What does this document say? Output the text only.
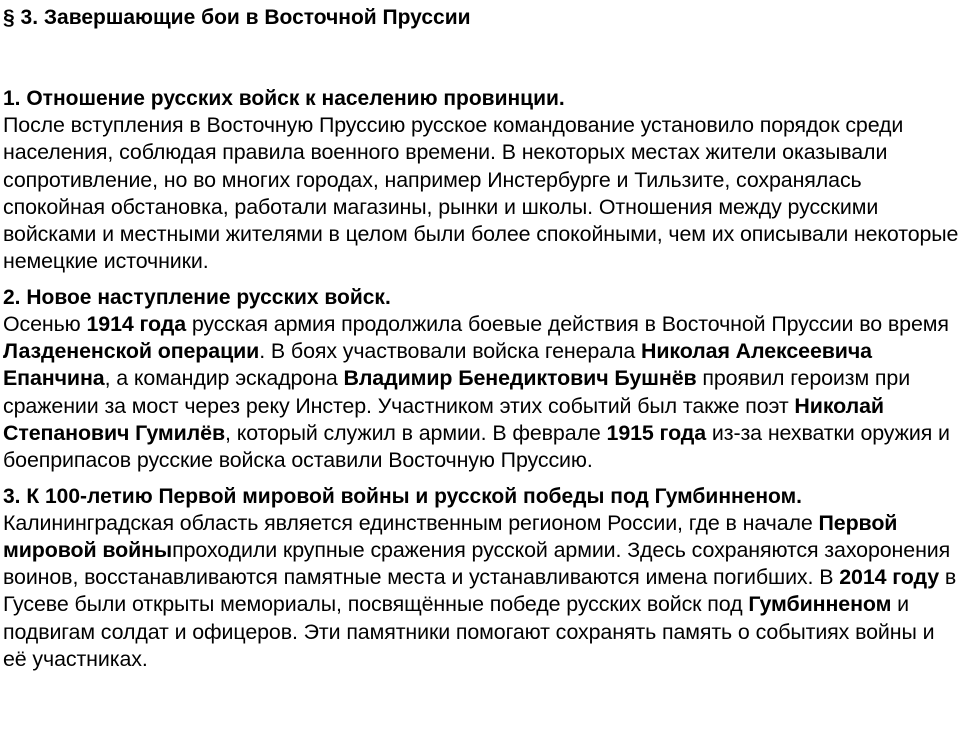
§ 3. Завершающие бои в Восточной Пруссии
1. Отношение русских войск к населению провинции.

После вступления в Восточную Пруссию русское командование установило порядок среди населения, соблюдая правила военного времени. В некоторых местах жители оказывали сопротивление, но во многих городах, например Инстербурге и Тильзите, сохранялась спокойная обстановка, работали магазины, рынки и школы. Отношения между русскими войсками и местными жителями в целом были более спокойными, чем их описывали некоторые немецкие источники.

2. Новое наступление русских войск.

Осенью 1914 года русская армия продолжила боевые действия в Восточной Пруссии во время Лаздененской операции. В боях участвовали войска генерала Николая Алексеевича Епанчина, а командир эскадрона Владимир Бенедиктович Бушнёв проявил героизм при сражении за мост через реку Инстер. Участником этих событий был также поэт Николай Степанович Гумилёв, который служил в армии. В феврале 1915 года из-за нехватки оружия и боеприпасов русские войска оставили Восточную Пруссию.

3. К 100-летию Первой мировой войны и русской победы под Гумбинненом.

Калининградская область является единственным регионом России, где в начале Первой мировой войныпроходили крупные сражения русской армии. Здесь сохраняются захоронения воинов, восстанавливаются памятные места и устанавливаются имена погибших. В 2014 году в Гусеве были открыты мемориалы, посвящённые победе русских войск под Гумбинненом и подвигам солдат и офицеров. Эти памятники помогают сохранять память о событиях войны и её участниках.
